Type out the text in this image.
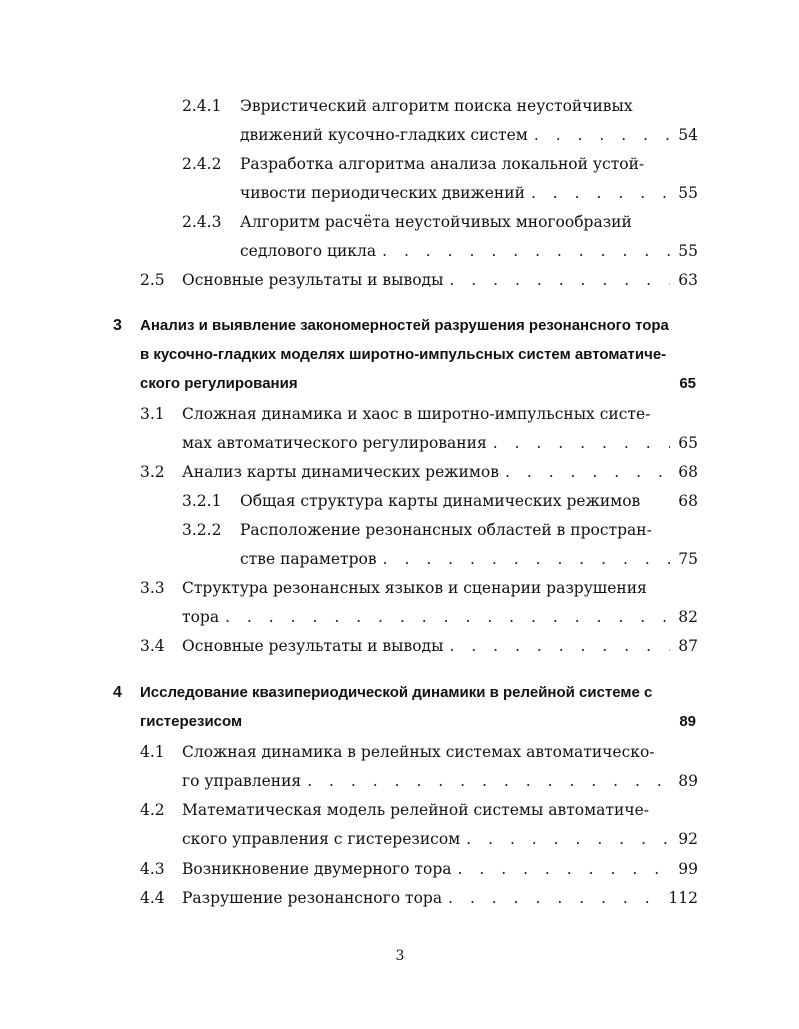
2.4.1 Эвристический алгоритм поиска неустойчивых
движений кусочно-гладких систем . . .	54
2.4.2 Разработка алгоритма анализа локальной устой-
чивости периодических движений . . .	55
2.4.3 Алгоритм расчёта неустойчивых многообразий
седлового цикла . . .	55
2.5 Основные результаты и выводы . . .	63
3 Анализ и выявление закономерностей разрушения резонансного тора
в кусочно-гладких моделях широтно-импульсных систем автоматиче-
ского регулирования	65
3.1 Сложная динамика и хаос в широтно-импульсных систе-
мах автоматического регулирования . . .	65
3.2 Анализ карты динамических режимов . . .	68
3.2.1 Общая структура карты динамических режимов	68
3.2.2 Расположение резонансных областей в простран-
стве параметров . . .	75
3.3 Структура резонансных языков и сценарии разрушения
тора . . .	82
3.4 Основные результаты и выводы . . .	87
4 Исследование квазипериодической динамики в релейной системе с
гистерезисом	89
4.1 Сложная динамика в релейных системах автоматическо-
го управления . . .	89
4.2 Математическая модель релейной системы автоматиче-
ского управления с гистерезисом . . .	92
4.3 Возникновение двумерного тора . . .	99
4.4 Разрушение резонансного тора . . .	112
3
